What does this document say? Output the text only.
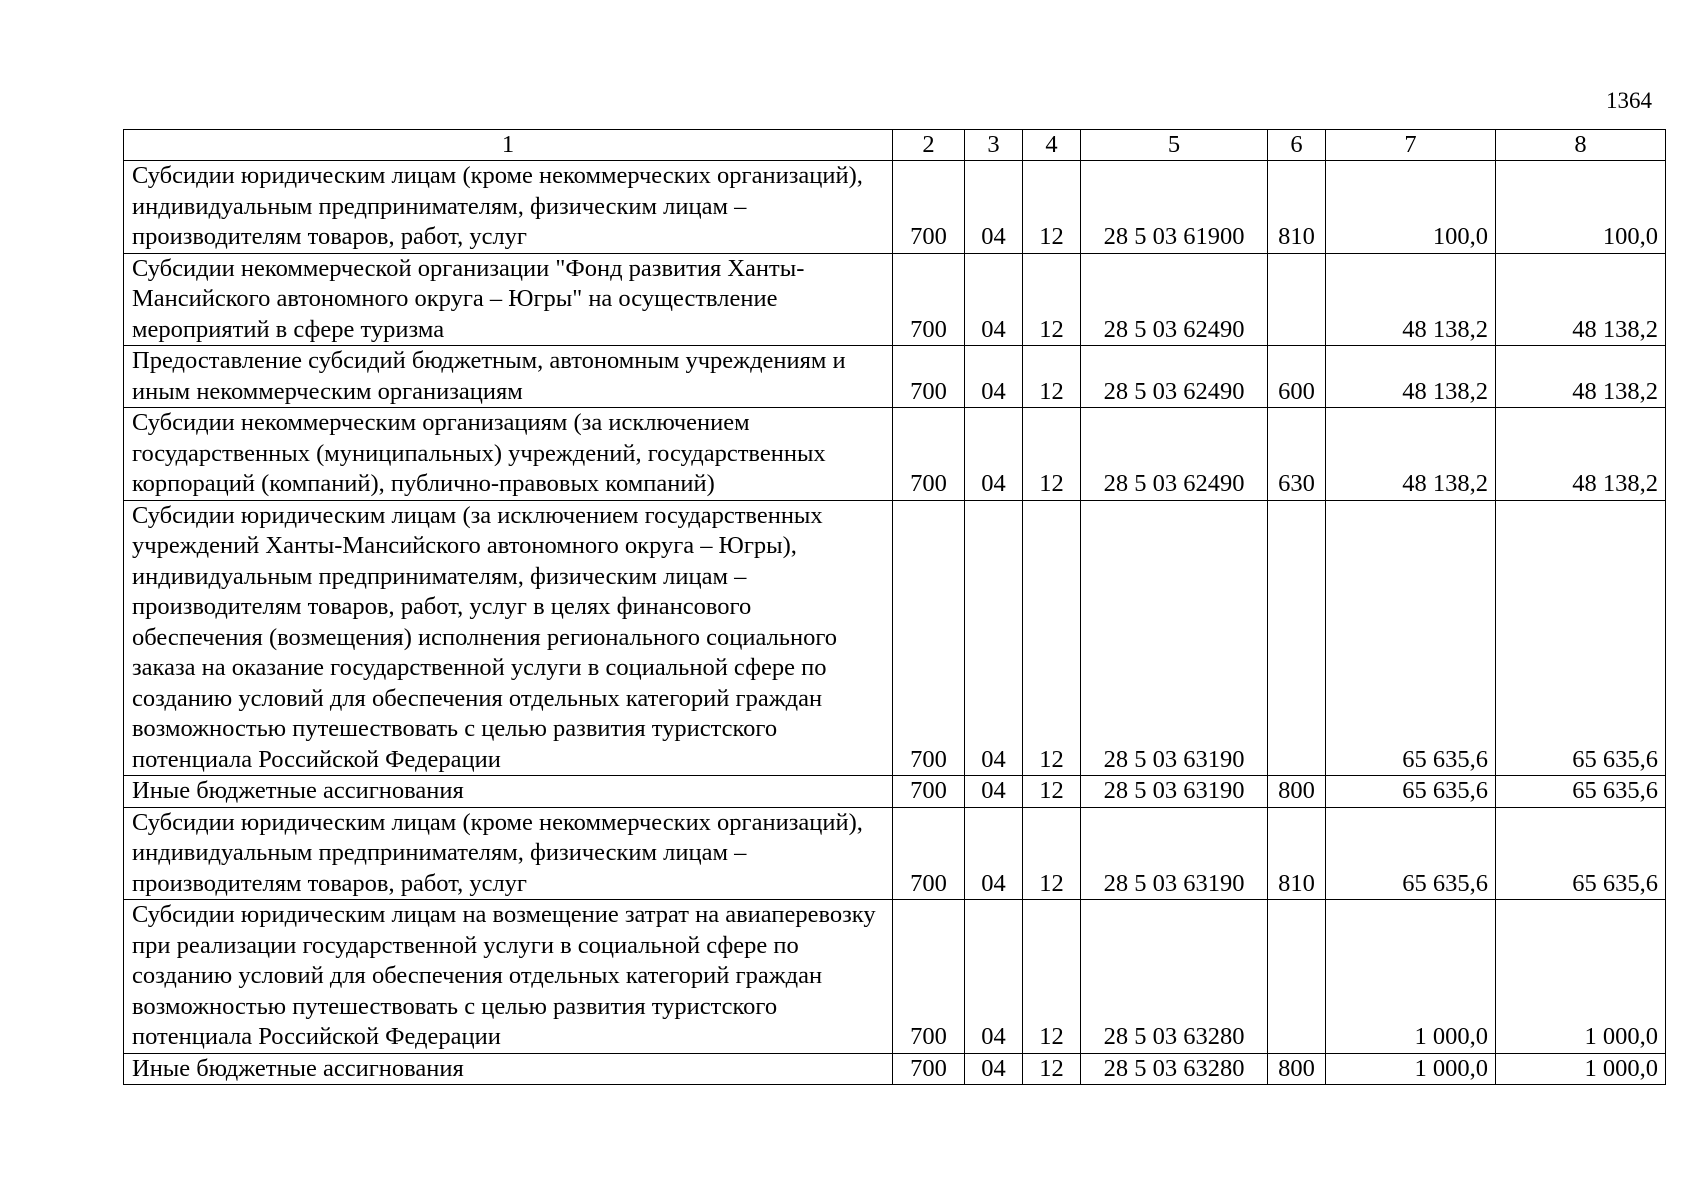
1364
1	2	3	4	5	6	7	8
Субсидии юридическим лицам (кроме некоммерческих организаций), индивидуальным предпринимателям, физическим лицам – производителям товаров, работ, услуг	700	04	12	28 5 03 61900	810	100,0	100,0
Субсидии некоммерческой организации "Фонд развития Ханты-Мансийского автономного округа – Югры" на осуществление мероприятий в сфере туризма	700	04	12	28 5 03 62490		48 138,2	48 138,2
Предоставление субсидий бюджетным, автономным учреждениям и иным некоммерческим организациям	700	04	12	28 5 03 62490	600	48 138,2	48 138,2
Субсидии некоммерческим организациям (за исключением государственных (муниципальных) учреждений, государственных корпораций (компаний), публично-правовых компаний)	700	04	12	28 5 03 62490	630	48 138,2	48 138,2
Субсидии юридическим лицам (за исключением государственных учреждений Ханты-Мансийского автономного округа – Югры), индивидуальным предпринимателям, физическим лицам – производителям товаров, работ, услуг в целях финансового обеспечения (возмещения) исполнения регионального социального заказа на оказание государственной услуги в социальной сфере по созданию условий для обеспечения отдельных категорий граждан возможностью путешествовать с целью развития туристского потенциала Российской Федерации	700	04	12	28 5 03 63190		65 635,6	65 635,6
Иные бюджетные ассигнования	700	04	12	28 5 03 63190	800	65 635,6	65 635,6
Субсидии юридическим лицам (кроме некоммерческих организаций), индивидуальным предпринимателям, физическим лицам – производителям товаров, работ, услуг	700	04	12	28 5 03 63190	810	65 635,6	65 635,6
Субсидии юридическим лицам на возмещение затрат на авиаперевозку при реализации государственной услуги в социальной сфере по созданию условий для обеспечения отдельных категорий граждан возможностью путешествовать с целью развития туристского потенциала Российской Федерации	700	04	12	28 5 03 63280		1 000,0	1 000,0
Иные бюджетные ассигнования	700	04	12	28 5 03 63280	800	1 000,0	1 000,0
